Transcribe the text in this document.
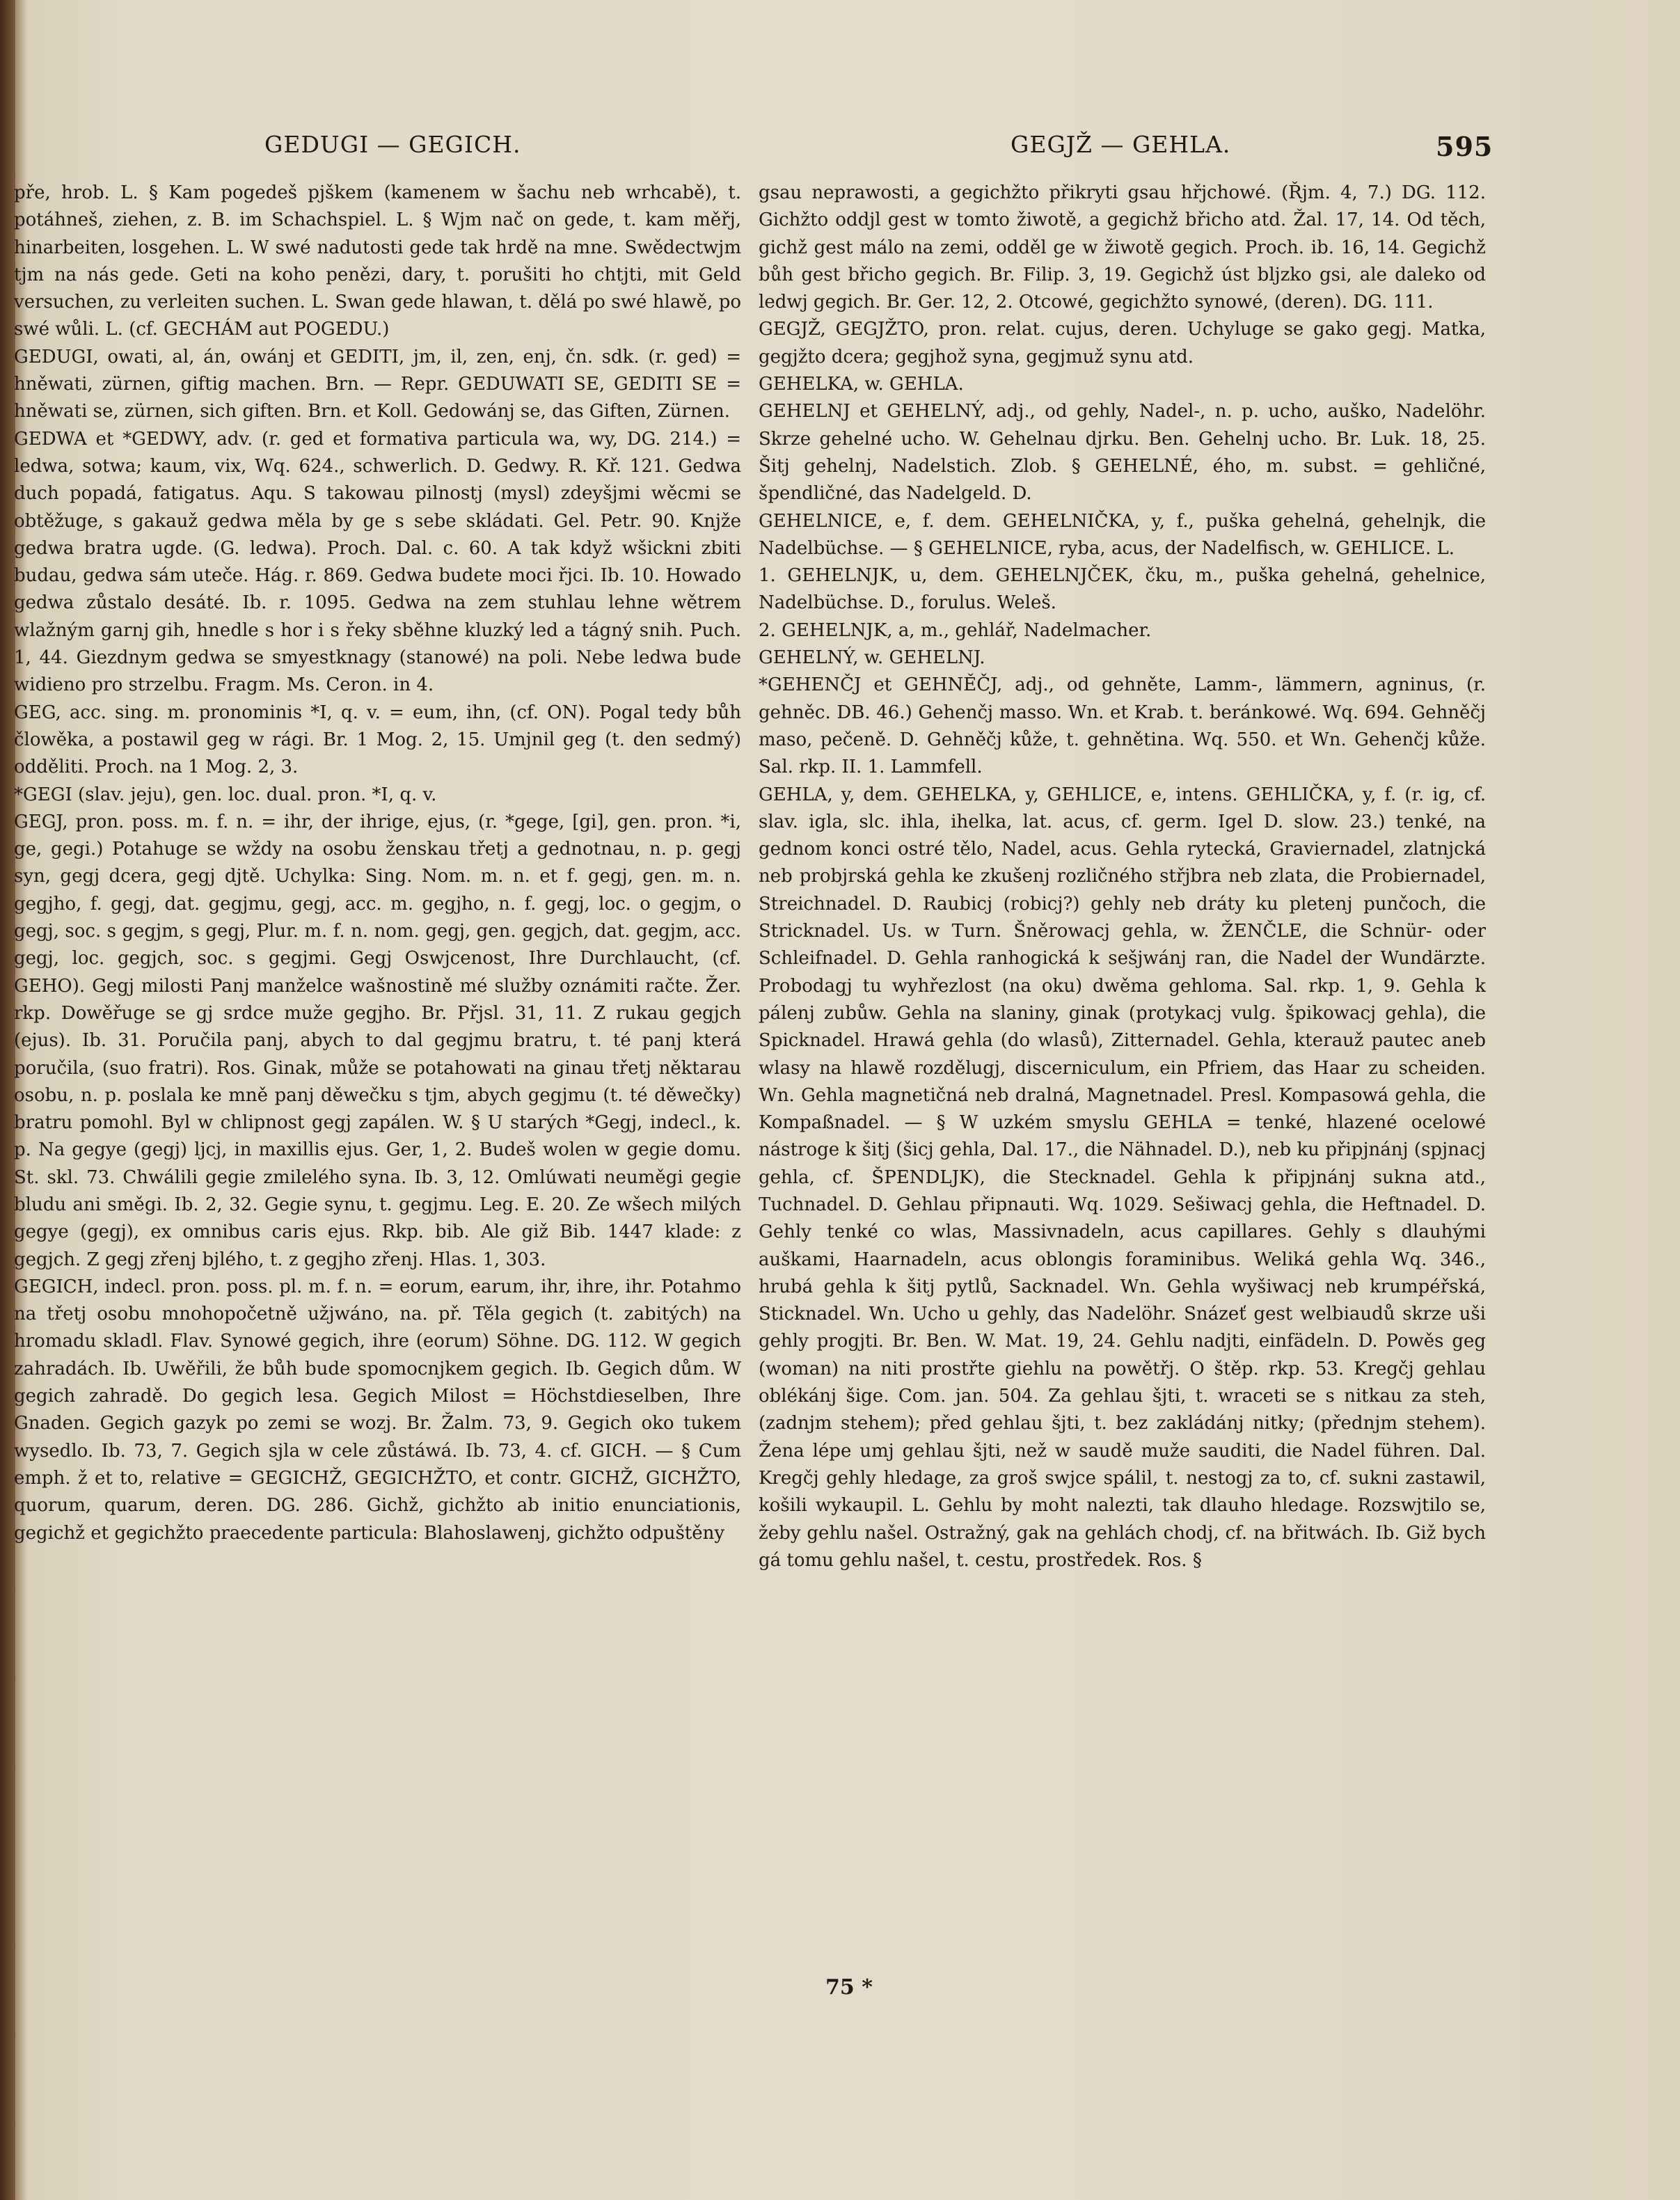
GEDUGI — GEGICH.	GEGJŽ — GEHLA.	595

pře, hrob. L. § Kam pogedeš pjškem (kamenem w šachu neb wrhcabě), t. potáhneš, ziehen, z. B. im Schachspiel. L. § Wjm nač on gede, t. kam měřj, hinarbeiten, losgehen. L. W swé nadutosti gede tak hrdě na mne. Swědectwjm tjm na nás gede. Geti na koho penězi, dary, t. porušiti ho chtjti, mit Geld versuchen, zu verleiten suchen. L. Swan gede hlawan, t. dělá po swé hlawě, po swé wůli. L. (cf. GECHÁM aut POGEDU.)

GEDUGI, owati, al, án, owánj et GEDITI, jm, il, zen, enj, čn. sdk. (r. ged) = hněwati, zürnen, giftig machen. Brn. — Repr. GEDUWATI SE, GEDITI SE = hněwati se, zürnen, sich giften. Brn. et Koll. Gedowánj se, das Giften, Zürnen.

GEDWA et *GEDWY, adv. (r. ged et formativa particula wa, wy, DG. 214.) = ledwa, sotwa; kaum, vix, Wq. 624., schwerlich. D. Gedwy. R. Kř. 121. Gedwa duch popadá, fatigatus. Aqu. S takowau pilnostj (mysl) zdeyšjmi wěcmi se obtěžuge, s gakauž gedwa měla by ge s sebe skládati. Gel. Petr. 90. Knjže gedwa bratra ugde. (G. ledwa). Proch. Dal. c. 60. A tak když wšickni zbiti budau, gedwa sám uteče. Hág. r. 869. Gedwa budete moci řjci. Ib. 10. Howado gedwa zůstalo desáté. Ib. r. 1095. Gedwa na zem stuhlau lehne wětrem wlažným garnj gih, hnedle s hor i s řeky sběhne kluzký led a tágný snih. Puch. 1, 44. Giezdnym gedwa se smyestknagy (stanowé) na poli. Nebe ledwa bude widieno pro strzelbu. Fragm. Ms. Ceron. in 4.

GEG, acc. sing. m. pronominis *I, q. v. = eum, ihn, (cf. ON). Pogal tedy bůh člowěka, a postawil geg w rági. Br. 1 Mog. 2, 15. Umjnil geg (t. den sedmý) odděliti. Proch. na 1 Mog. 2, 3.

*GEGI (slav. jeju), gen. loc. dual. pron. *I, q. v.

GEGJ, pron. poss. m. f. n. = ihr, der ihrige, ejus, (r. *gege, [gi], gen. pron. *i, ge, gegi.) Potahuge se wždy na osobu ženskau třetj a gednotnau, n. p. gegj syn, gegj dcera, gegj djtě. Uchylka: Sing. Nom. m. n. et f. gegj, gen. m. n. gegjho, f. gegj, dat. gegjmu, gegj, acc. m. gegjho, n. f. gegj, loc. o gegjm, o gegj, soc. s gegjm, s gegj, Plur. m. f. n. nom. gegj, gen. gegjch, dat. gegjm, acc. gegj, loc. gegjch, soc. s gegjmi. Gegj Oswjcenost, Ihre Durchlaucht, (cf. GEHO). Gegj milosti Panj manželce wašnostině mé služby oznámiti račte. Žer. rkp. Dowěřuge se gj srdce muže gegjho. Br. Přjsl. 31, 11. Z rukau gegjch (ejus). Ib. 31. Poručila panj, abych to dal gegjmu bratru, t. té panj která poručila, (suo fratri). Ros. Ginak, může se potahowati na ginau třetj něktarau osobu, n. p. poslala ke mně panj děwečku s tjm, abych gegjmu (t. té děwečky) bratru pomohl. Byl w chlipnost gegj zapálen. W. § U starých *Gegj, indecl., k. p. Na gegye (gegj) ljcj, in maxillis ejus. Ger, 1, 2. Budeš wolen w gegie domu. St. skl. 73. Chwálili gegie zmilelého syna. Ib. 3, 12. Omlúwati neuměgi gegie bludu ani směgi. Ib. 2, 32. Gegie synu, t. gegjmu. Leg. E. 20. Ze wšech milých gegye (gegj), ex omnibus caris ejus. Rkp. bib. Ale giž Bib. 1447 klade: z gegjch. Z gegj zřenj bjlého, t. z gegjho zřenj. Hlas. 1, 303.

GEGICH, indecl. pron. poss. pl. m. f. n. = eorum, earum, ihr, ihre, ihr. Potahmo na třetj osobu mnohopočetně užjwáno, na. př. Těla gegich (t. zabitých) na hromadu skladl. Flav. Synowé gegich, ihre (eorum) Söhne. DG. 112. W gegich zahradách. Ib. Uwěřili, že bůh bude spomocnjkem gegich. Ib. Gegich dům. W gegich zahradě. Do gegich lesa. Gegich Milost = Höchstdieselben, Ihre Gnaden. Gegich gazyk po zemi se wozj. Br. Žalm. 73, 9. Gegich oko tukem wysedlo. Ib. 73, 7. Gegich sjla w cele zůstáwá. Ib. 73, 4. cf. GICH. — § Cum emph. ž et to, relative = GEGICHŽ, GEGICHŽTO, et contr. GICHŽ, GICHŽTO, quorum, quarum, deren. DG. 286. Gichž, gichžto ab initio enunciationis, gegichž et gegichžto praecedente particula: Blahoslawenj, gichžto odpuštěny

gsau neprawosti, a gegichžto přikryti gsau hřjchowé. (Řjm. 4, 7.) DG. 112. Gichžto oddjl gest w tomto žiwotě, a gegichž břicho atd. Žal. 17, 14. Od těch, gichž gest málo na zemi, odděl ge w žiwotě gegich. Proch. ib. 16, 14. Gegichž bůh gest břicho gegich. Br. Filip. 3, 19. Gegichž úst bljzko gsi, ale daleko od ledwj gegich. Br. Ger. 12, 2. Otcowé, gegichžto synowé, (deren). DG. 111.

GEGJŽ, GEGJŽTO, pron. relat. cujus, deren. Uchyluge se gako gegj. Matka, gegjžto dcera; gegjhož syna, gegjmuž synu atd.

GEHELKA, w. GEHLA.

GEHELNJ et GEHELNÝ, adj., od gehly, Nadel-, n. p. ucho, auško, Nadelöhr. Skrze gehelné ucho. W. Gehelnau djrku. Ben. Gehelnj ucho. Br. Luk. 18, 25. Šitj gehelnj, Nadelstich. Zlob. § GEHELNÉ, ého, m. subst. = gehličné, špendličné, das Nadelgeld. D.

GEHELNICE, e, f. dem. GEHELNIČKA, y, f., puška gehelná, gehelnjk, die Nadelbüchse. — § GEHELNICE, ryba, acus, der Nadelfisch, w. GEHLICE. L.

1. GEHELNJK, u, dem. GEHELNJČEK, čku, m., puška gehelná, gehelnice, Nadelbüchse. D., forulus. Weleš.

2. GEHELNJK, a, m., gehlář, Nadelmacher.

GEHELNÝ, w. GEHELNJ.

*GEHENČJ et GEHNĚČJ, adj., od gehněte, Lamm-, lämmern, agninus, (r. gehněc. DB. 46.) Gehenčj masso. Wn. et Krab. t. beránkowé. Wq. 694. Gehněčj maso, pečeně. D. Gehněčj kůže, t. gehnětina. Wq. 550. et Wn. Gehenčj kůže. Sal. rkp. II. 1. Lammfell.

GEHLA, y, dem. GEHELKA, y, GEHLICE, e, intens. GEHLIČKA, y, f. (r. ig, cf. slav. igla, slc. ihla, ihelka, lat. acus, cf. germ. Igel D. slow. 23.) tenké, na gednom konci ostré tělo, Nadel, acus. Gehla rytecká, Graviernadel, zlatnjcká neb probjrská gehla ke zkušenj rozličného střjbra neb zlata, die Probiernadel, Streichnadel. D. Raubicj (robicj?) gehly neb dráty ku pletenj punčoch, die Stricknadel. Us. w Turn. Šněrowacj gehla, w. ŽENČLE, die Schnür- oder Schleifnadel. D. Gehla ranhogická k sešjwánj ran, die Nadel der Wundärzte. Probodagj tu wyhřezlost (na oku) dwěma gehloma. Sal. rkp. 1, 9. Gehla k pálenj zubůw. Gehla na slaniny, ginak (protykacj vulg. špikowacj gehla), die Spicknadel. Hrawá gehla (do wlasů), Zitternadel. Gehla, kterauž pautec aneb wlasy na hlawě rozdělugj, discerniculum, ein Pfriem, das Haar zu scheiden. Wn. Gehla magnetičná neb dralná, Magnetnadel. Presl. Kompasowá gehla, die Kompaßnadel. — § W uzkém smyslu GEHLA = tenké, hlazené ocelowé nástroge k šitj (šicj gehla, Dal. 17., die Nähnadel. D.), neb ku připjnánj (spjnacj gehla, cf. ŠPENDLJK), die Stecknadel. Gehla k připjnánj sukna atd., Tuchnadel. D. Gehlau připnauti. Wq. 1029. Sešiwacj gehla, die Heftnadel. D. Gehly tenké co wlas, Massivnadeln, acus capillares. Gehly s dlauhými auškami, Haarnadeln, acus oblongis foraminibus. Weliká gehla Wq. 346., hrubá gehla k šitj pytlů, Sacknadel. Wn. Gehla wyšiwacj neb krumpéřská, Sticknadel. Wn. Ucho u gehly, das Nadelöhr. Snázeť gest welbiaudů skrze uši gehly progjti. Br. Ben. W. Mat. 19, 24. Gehlu nadjti, einfädeln. D. Powěs geg (woman) na niti prostřte giehlu na powětřj. O štěp. rkp. 53. Kregčj gehlau oblékánj šige. Com. jan. 504. Za gehlau šjti, t. wraceti se s nitkau za steh, (zadnjm stehem); před gehlau šjti, t. bez zakládánj nitky; (přednjm stehem). Žena lépe umj gehlau šjti, než w saudě muže sauditi, die Nadel führen. Dal. Kregčj gehly hledage, za groš swjce spálil, t. nestogj za to, cf. sukni zastawil, košili wykaupil. L. Gehlu by moht nalezti, tak dlauho hledage. Rozswjtilo se, žeby gehlu našel. Ostražný, gak na gehlách chodj, cf. na břitwách. Ib. Giž bych gá tomu gehlu našel, t. cestu, prostředek. Ros. §

75 *
